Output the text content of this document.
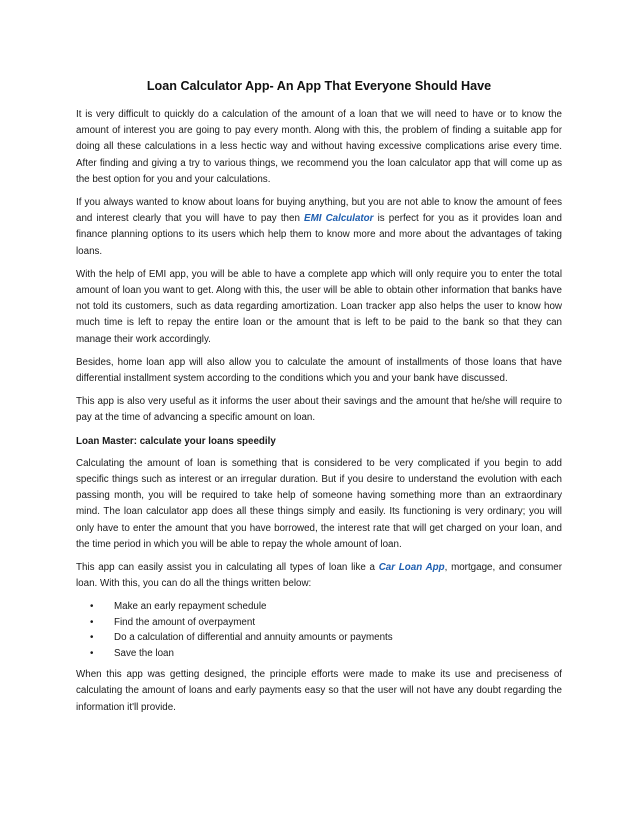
Loan Calculator App- An App That Everyone Should Have

It is very difficult to quickly do a calculation of the amount of a loan that we will need to have or to know the amount of interest you are going to pay every month. Along with this, the problem of finding a suitable app for doing all these calculations in a less hectic way and without having excessive complications arise every time. After finding and giving a try to various things, we recommend you the loan calculator app that will come up as the best option for you and your calculations.

If you always wanted to know about loans for buying anything, but you are not able to know the amount of fees and interest clearly that you will have to pay then EMI Calculator is perfect for you as it provides loan and finance planning options to its users which help them to know more and more about the advantages of taking loans.

With the help of EMI app, you will be able to have a complete app which will only require you to enter the total amount of loan you want to get. Along with this, the user will be able to obtain other information that banks have not told its customers, such as data regarding amortization. Loan tracker app also helps the user to know how much time is left to repay the entire loan or the amount that is left to be paid to the bank so that they can manage their work accordingly.

Besides, home loan app will also allow you to calculate the amount of installments of those loans that have differential installment system according to the conditions which you and your bank have discussed.

This app is also very useful as it informs the user about their savings and the amount that he/she will require to pay at the time of advancing a specific amount on loan.

Loan Master: calculate your loans speedily

Calculating the amount of loan is something that is considered to be very complicated if you begin to add specific things such as interest or an irregular duration. But if you desire to understand the evolution with each passing month, you will be required to take help of someone having something more than an extraordinary mind. The loan calculator app does all these things simply and easily. Its functioning is very ordinary; you will only have to enter the amount that you have borrowed, the interest rate that will get charged on your loan, and the time period in which you will be able to repay the whole amount of loan.

This app can easily assist you in calculating all types of loan like a Car Loan App, mortgage, and consumer loan. With this, you can do all the things written below:

• Make an early repayment schedule
• Find the amount of overpayment
• Do a calculation of differential and annuity amounts or payments
• Save the loan

When this app was getting designed, the principle efforts were made to make its use and preciseness of calculating the amount of loans and early payments easy so that the user will not have any doubt regarding the information it'll provide.
